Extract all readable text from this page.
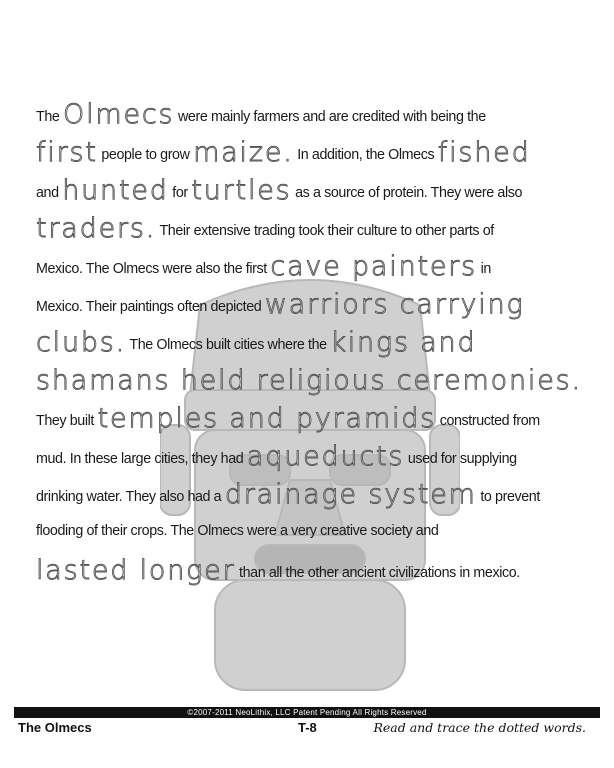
The Olmecs were mainly farmers and are credited with being the
first people to grow maize. In addition, the Olmecs fished
and hunted for turtles as a source of protein. They were also
traders. Their extensive trading took their culture to other parts of
Mexico. The Olmecs were also the first cave painters in
Mexico. Their paintings often depicted warriors carrying
clubs. The Olmecs built cities where the kings and
shamans held religious ceremonies.
They built temples and pyramids constructed from
mud. In these large cities, they had aqueducts used for supplying
drinking water. They also had a drainage system to prevent
flooding of their crops. The Olmecs were a very creative society and
lasted longer than all the other ancient civilizations in mexico.
©2007-2011 NeoLithix, LLC Patent Pending All Rights Reserved
The Olmecs	T-8	Read and trace the dotted words.
